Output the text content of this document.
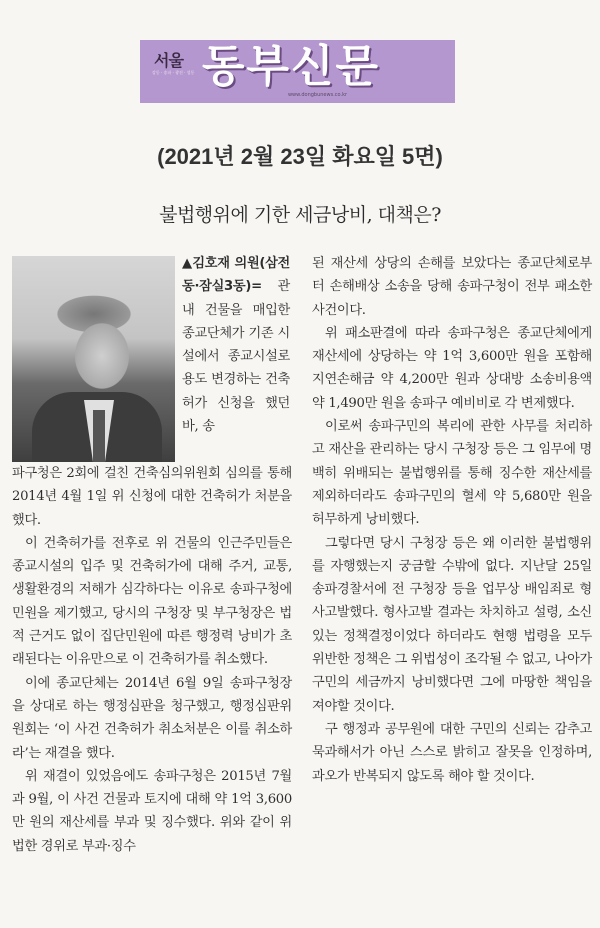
서울
강동 · 송파 · 광진 · 성동 동부신문
www.dongbunews.co.kr
(2021년 2월 23일 화요일 5면)
불법행위에 기한 세금낭비, 대책은?

▲김호재 의원(삼전동·잠실3동)= 관내 건물을 매입한 종교단체가 기존 시설에서 종교시설로 용도 변경하는 건축허가 신청을 했던 바, 송

파구청은 2회에 걸친 건축심의위원회 심의를 통해 2014년 4월 1일 위 신청에 대한 건축허가 처분을 했다.

이 건축허가를 전후로 위 건물의 인근주민들은 종교시설의 입주 및 건축허가에 대해 주거, 교통, 생활환경의 저해가 심각하다는 이유로 송파구청에 민원을 제기했고, 당시의 구청장 및 부구청장은 법적 근거도 없이 집단민원에 따른 행정력 낭비가 초래된다는 이유만으로 이 건축허가를 취소했다.

이에 종교단체는 2014년 6월 9일 송파구청장을 상대로 하는 행정심판을 청구했고, 행정심판위원회는 ‘이 사건 건축허가 취소처분은 이를 취소하라’는 재결을 했다.

위 재결이 있었음에도 송파구청은 2015년 7월과 9월, 이 사건 건물과 토지에 대해 약 1억 3,600만 원의 재산세를 부과 및 징수했다. 위와 같이 위법한 경위로 부과·징수

된 재산세 상당의 손해를 보았다는 종교단체로부터 손해배상 소송을 당해 송파구청이 전부 패소한 사건이다.

위 패소판결에 따라 송파구청은 종교단체에게 재산세에 상당하는 약 1억 3,600만 원을 포함해 지연손해금 약 4,200만 원과 상대방 소송비용액 약 1,490만 원을 송파구 예비비로 각 변제했다.

이로써 송파구민의 복리에 관한 사무를 처리하고 재산을 관리하는 당시 구청장 등은 그 임무에 명백히 위배되는 불법행위를 통해 징수한 재산세를 제외하더라도 송파구민의 혈세 약 5,680만 원을 허무하게 낭비했다.

그렇다면 당시 구청장 등은 왜 이러한 불법행위를 자행했는지 궁금할 수밖에 없다. 지난달 25일 송파경찰서에 전 구청장 등을 업무상 배임죄로 형사고발했다. 형사고발 결과는 차치하고 설령, 소신 있는 정책결정이었다 하더라도 현행 법령을 모두 위반한 정책은 그 위법성이 조각될 수 없고, 나아가 구민의 세금까지 낭비했다면 그에 마땅한 책임을 져야할 것이다.

구 행정과 공무원에 대한 구민의 신뢰는 감추고 묵과해서가 아닌 스스로 밝히고 잘못을 인정하며, 과오가 반복되지 않도록 해야 할 것이다.
